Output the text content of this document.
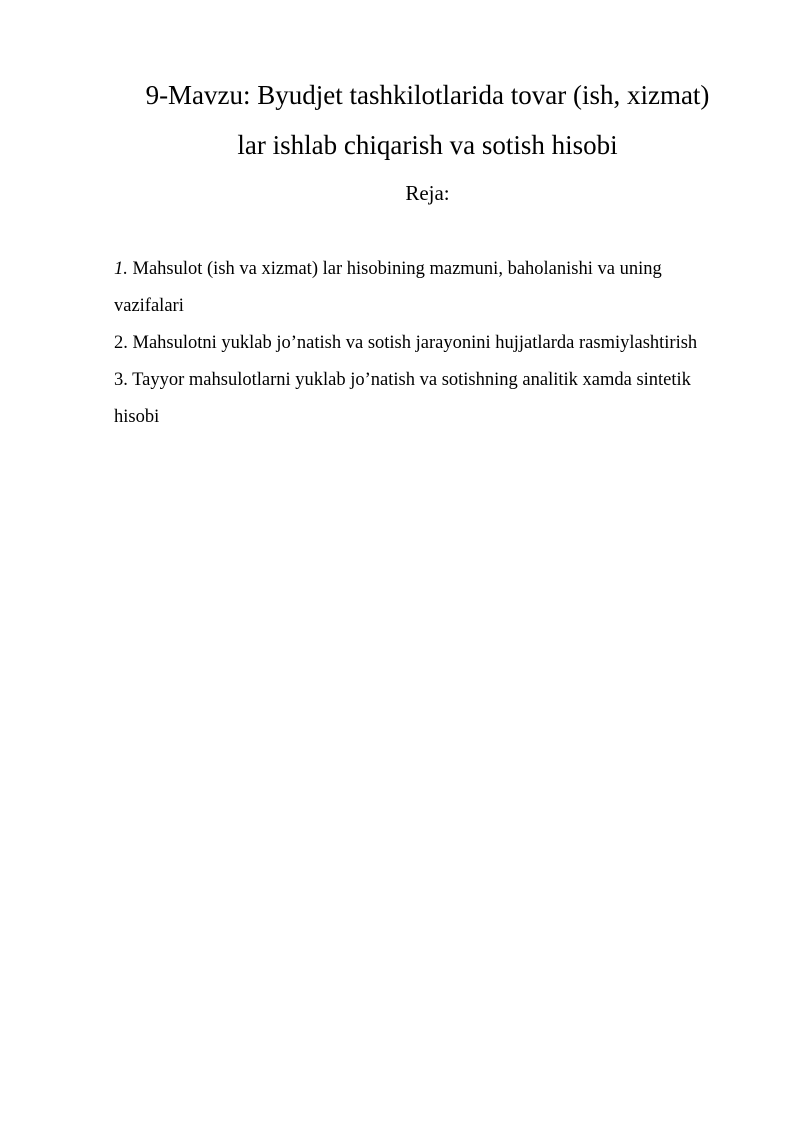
9-Mavzu: Byudjet tashkilotlarida tovar (ish, xizmat)
lar ishlab chiqarish va sotish hisobi
Reja:

1. Mahsulot (ish va xizmat) lar hisobining mazmuni, baholanishi va uning vazifalari

2. Mahsulotni yuklab jo’natish va sotish jarayonini hujjatlarda rasmiylashtirish

3. Tayyor mahsulotlarni yuklab jo’natish va sotishning analitik xamda sintetik hisobi
